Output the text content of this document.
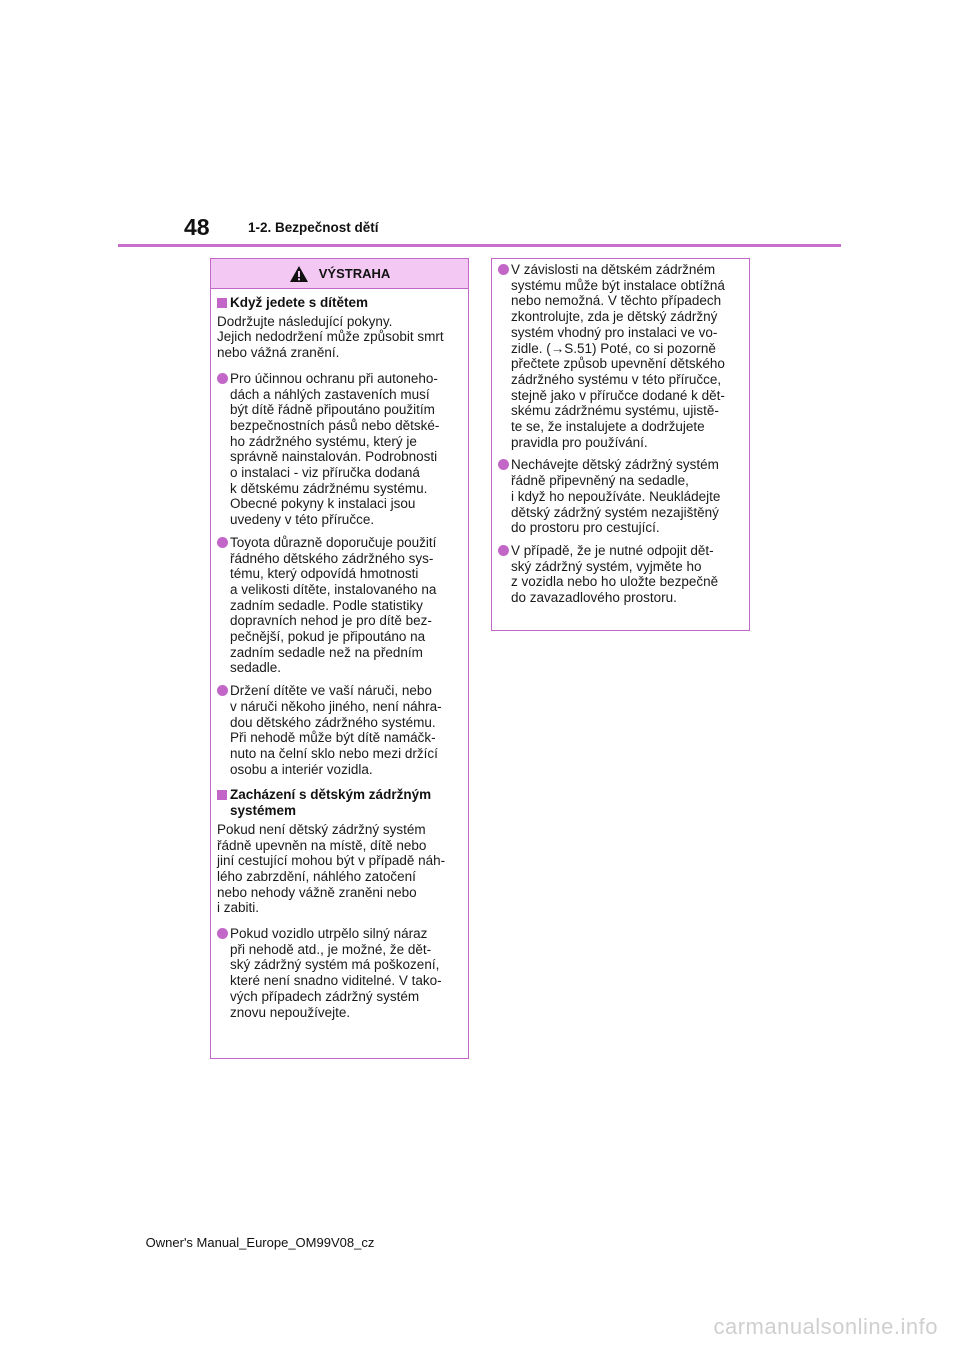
48	1-2. Bezpečnost dětí
VÝSTRAHA
Když jedete s dítětem
Dodržujte následující pokyny.
Jejich nedodržení může způsobit smrt
nebo vážná zranění.
Pro účinnou ochranu při autoneho-
dách a náhlých zastaveních musí
být dítě řádně připoutáno použitím
bezpečnostních pásů nebo dětské-
ho zádržného systému, který je
správně nainstalován. Podrobnosti
o instalaci - viz příručka dodaná
k dětskému zádržnému systému.
Obecné pokyny k instalaci jsou
uvedeny v této příručce.
Toyota důrazně doporučuje použití
řádného dětského zádržného sys-
tému, který odpovídá hmotnosti
a velikosti dítěte, instalovaného na
zadním sedadle. Podle statistiky
dopravních nehod je pro dítě bez-
pečnější, pokud je připoutáno na
zadním sedadle než na předním
sedadle.
Držení dítěte ve vaší náruči, nebo
v náruči někoho jiného, není náhra-
dou dětského zádržného systému.
Při nehodě může být dítě namáčk-
nuto na čelní sklo nebo mezi držící
osobu a interiér vozidla.
Zacházení s dětským zádržným
systémem
Pokud není dětský zádržný systém
řádně upevněn na místě, dítě nebo
jiní cestující mohou být v případě náh-
lého zabrzdění, náhlého zatočení
nebo nehody vážně zraněni nebo
i zabiti.
Pokud vozidlo utrpělo silný náraz
při nehodě atd., je možné, že dět-
ský zádržný systém má poškození,
které není snadno viditelné. V tako-
vých případech zádržný systém
znovu nepoužívejte.
V závislosti na dětském zádržném
systému může být instalace obtížná
nebo nemožná. V těchto případech
zkontrolujte, zda je dětský zádržný
systém vhodný pro instalaci ve vo-
zidle. (→S.51) Poté, co si pozorně
přečtete způsob upevnění dětského
zádržného systému v této příručce,
stejně jako v příručce dodané k dět-
skému zádržnému systému, ujistě-
te se, že instalujete a dodržujete
pravidla pro používání.
Nechávejte dětský zádržný systém
řádně připevněný na sedadle,
i když ho nepoužíváte. Neukládejte
dětský zádržný systém nezajištěný
do prostoru pro cestující.
V případě, že je nutné odpojit dět-
ský zádržný systém, vyjměte ho
z vozidla nebo ho uložte bezpečně
do zavazadlového prostoru.
Owner's Manual_Europe_OM99V08_cz
carmanualsonline.info
